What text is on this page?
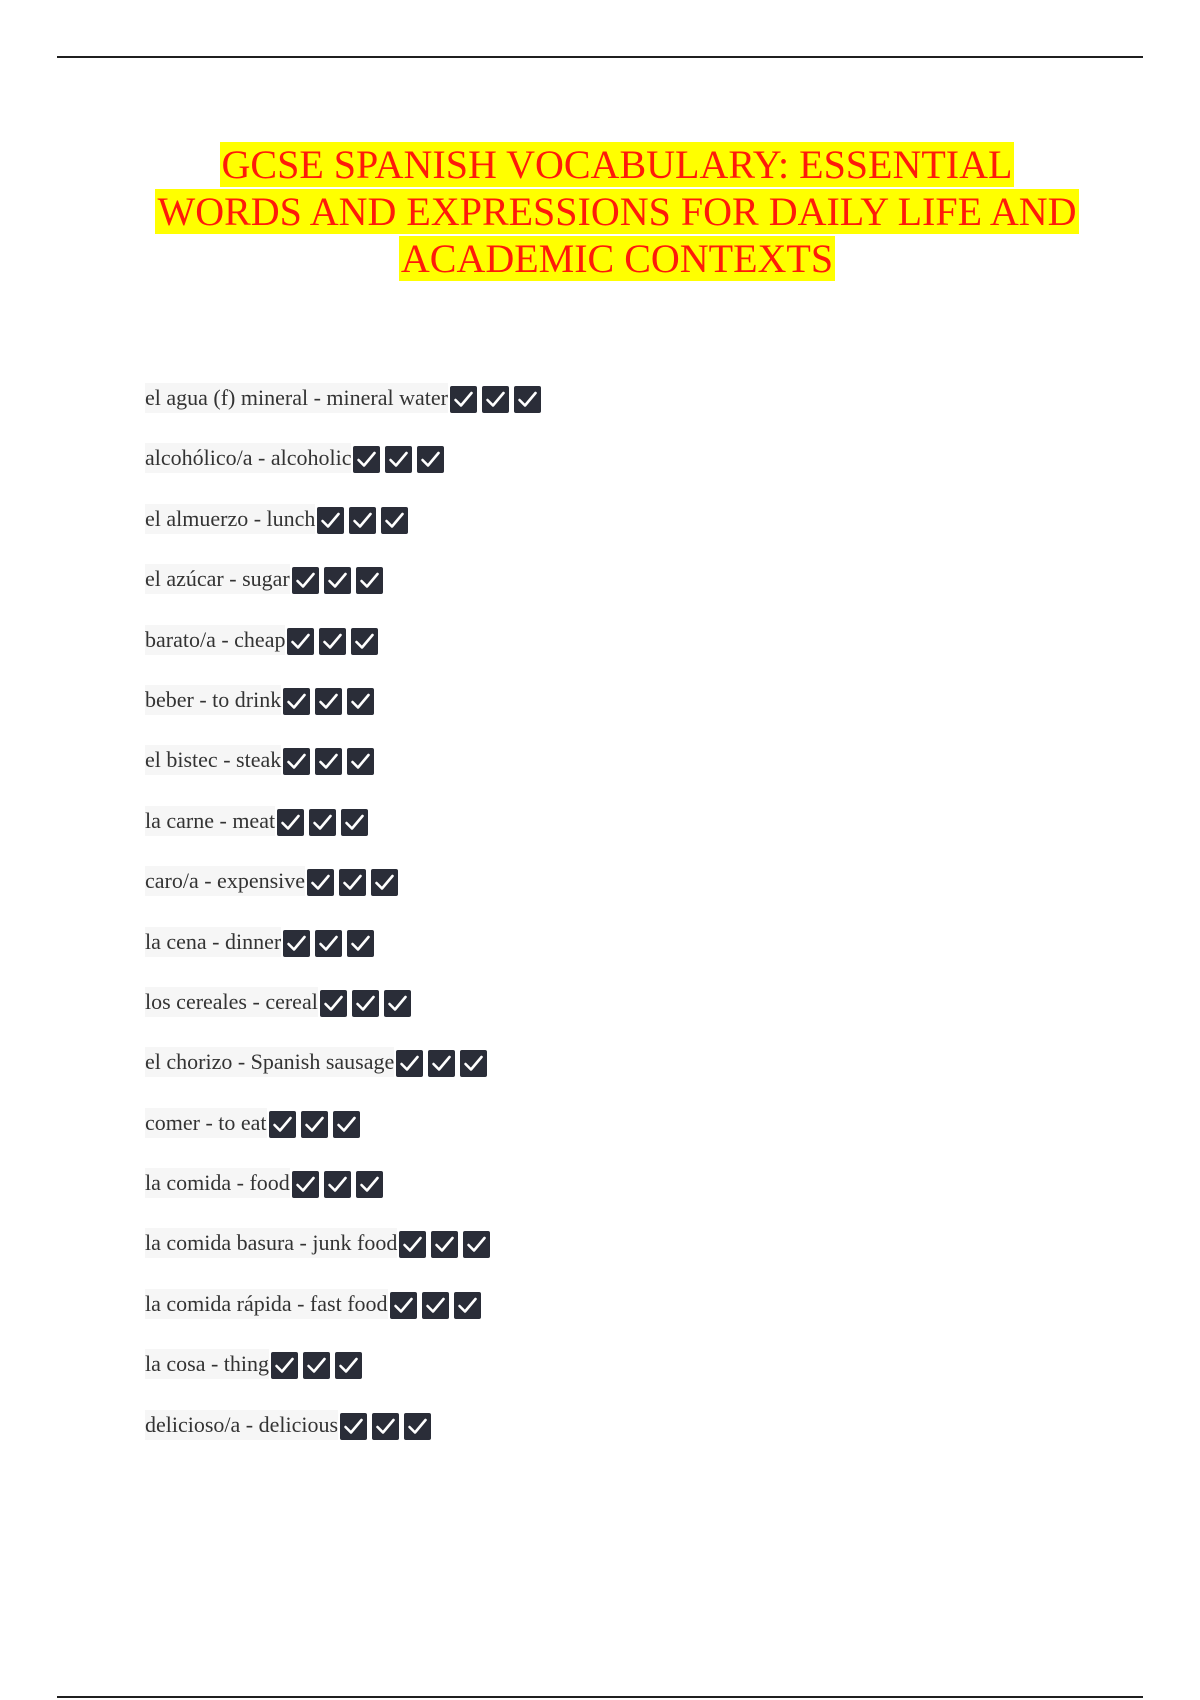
GCSE SPANISH VOCABULARY: ESSENTIAL
WORDS AND EXPRESSIONS FOR DAILY LIFE AND
ACADEMIC CONTEXTS
el agua (f) mineral - mineral water
alcohólico/a - alcoholic
el almuerzo - lunch
el azúcar - sugar
barato/a - cheap
beber - to drink
el bistec - steak
la carne - meat
caro/a - expensive
la cena - dinner
los cereales - cereal
el chorizo - Spanish sausage
comer - to eat
la comida - food
la comida basura - junk food
la comida rápida - fast food
la cosa - thing
delicioso/a - delicious
